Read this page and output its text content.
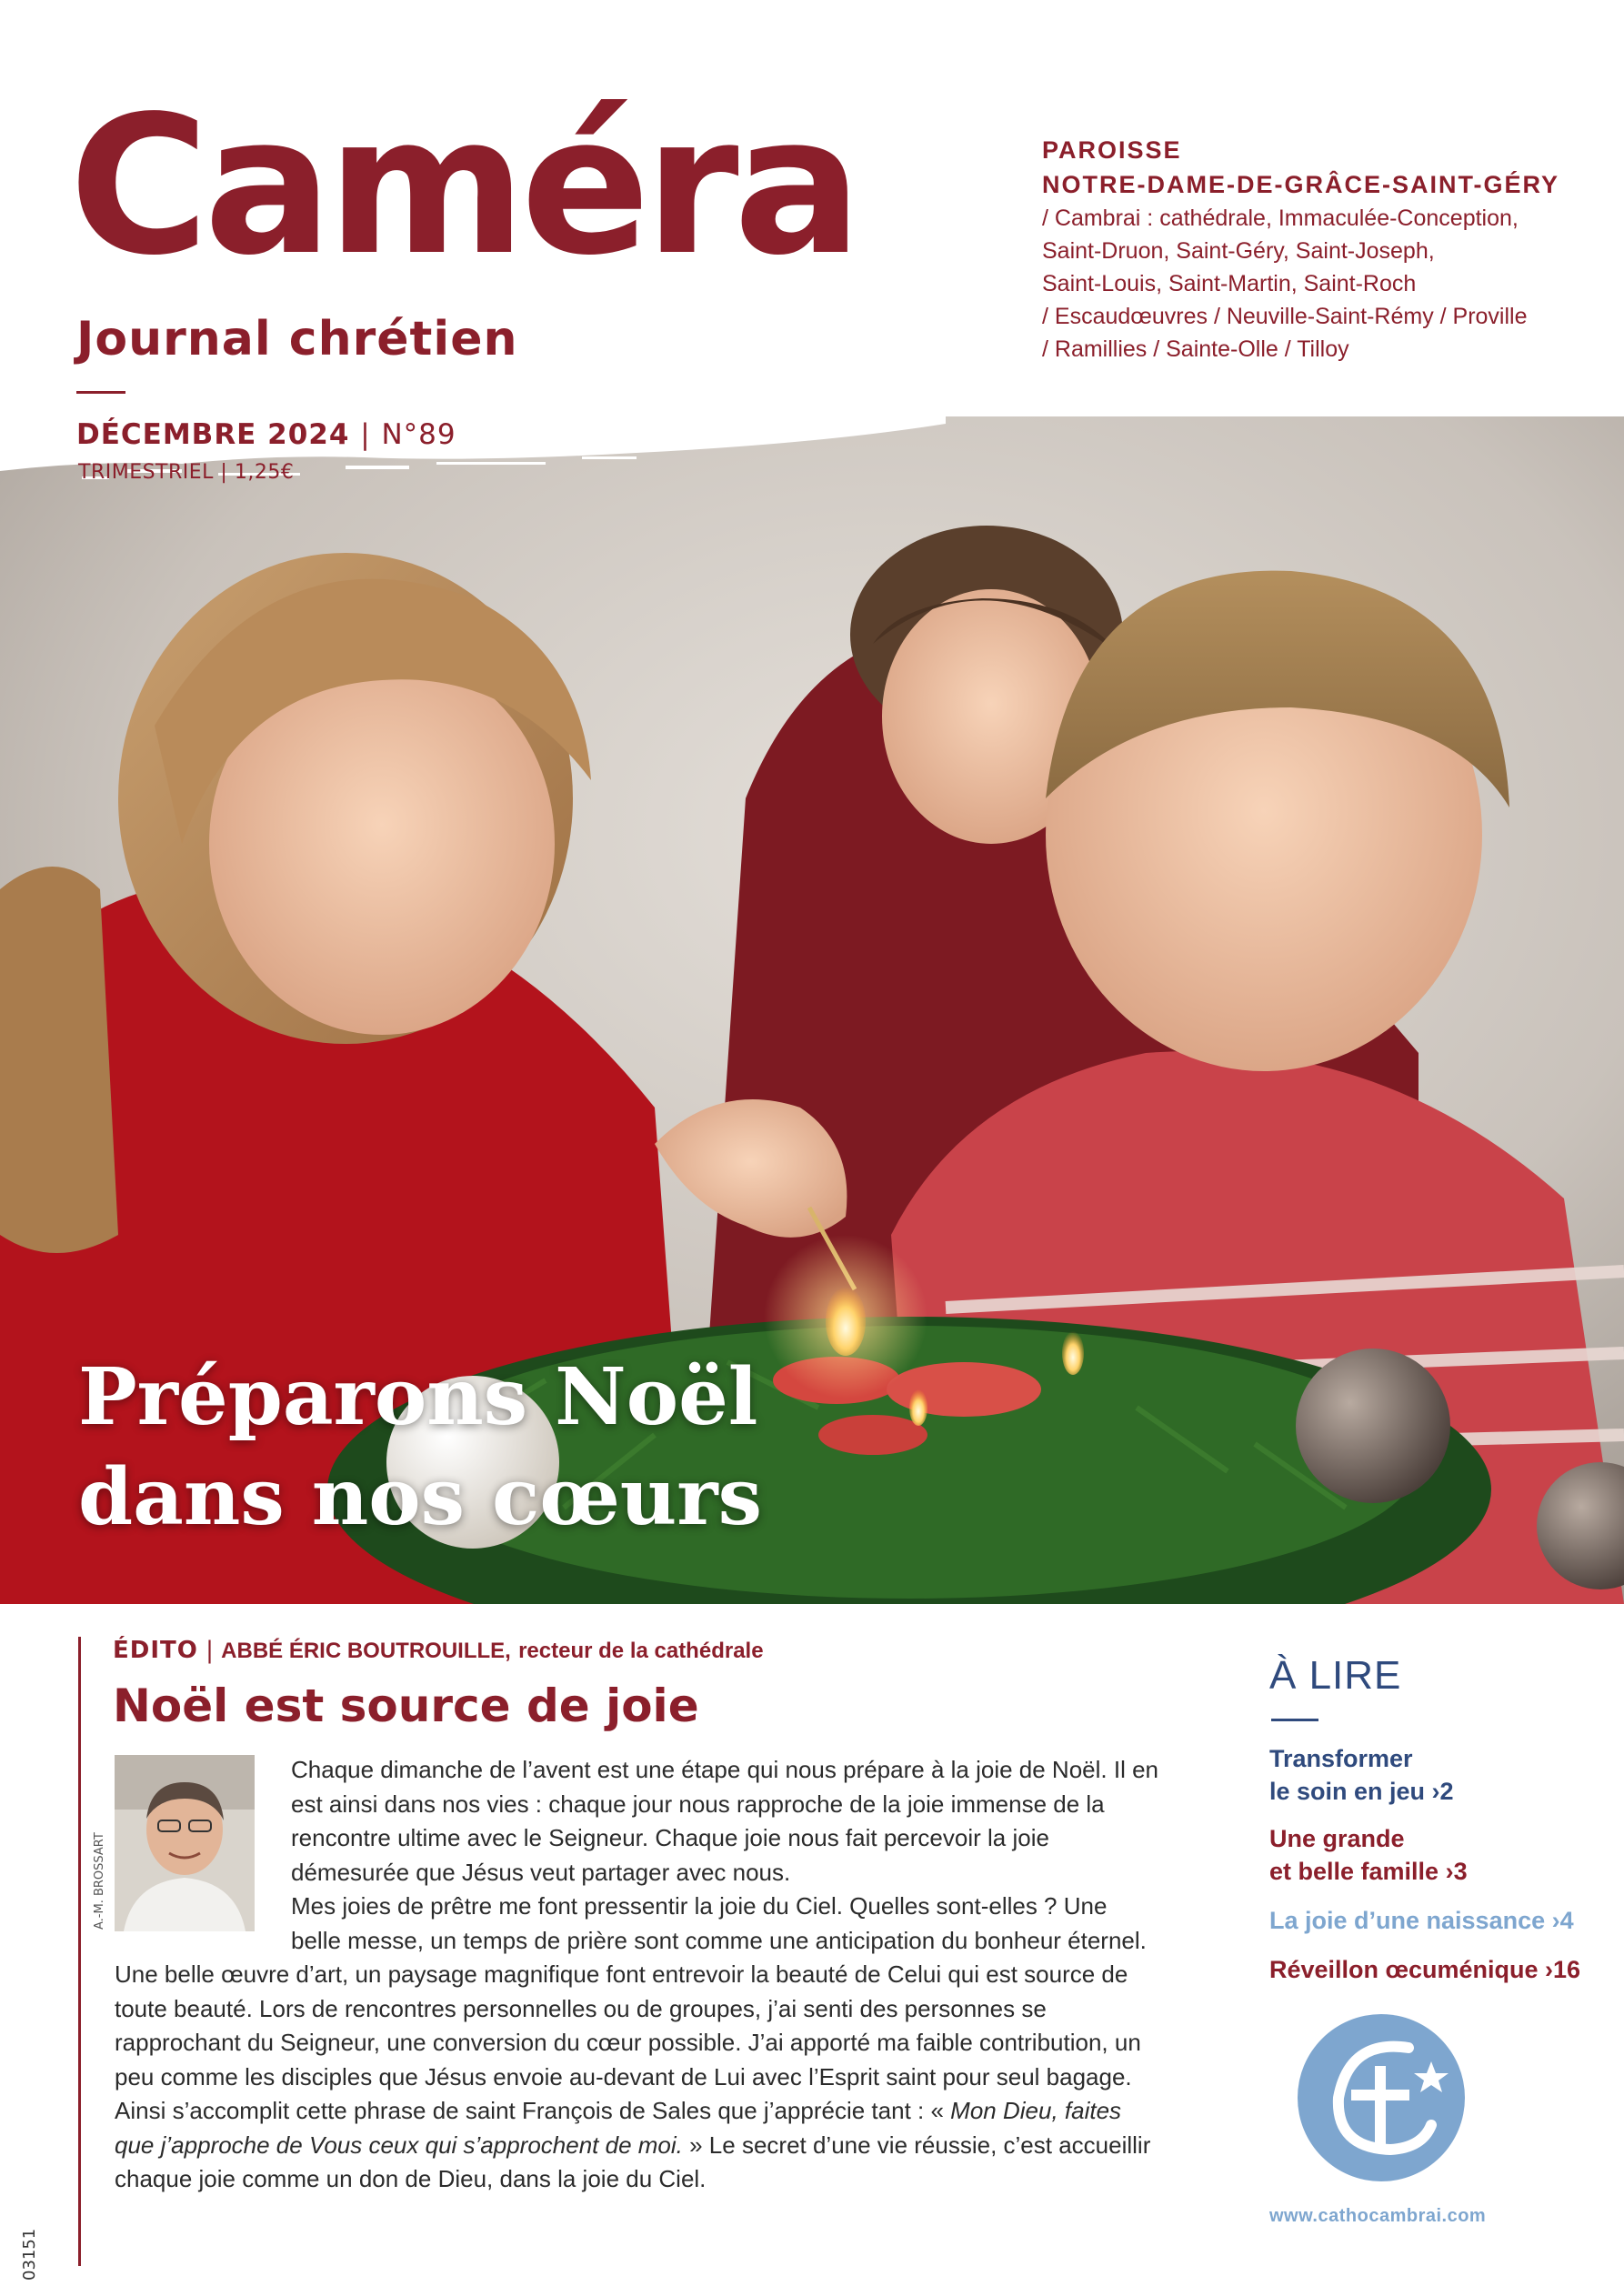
Caméra
Journal chrétien
PAROISSE
NOTRE-DAME-DE-GRÂCE-SAINT-GÉRY
/ Cambrai : cathédrale, Immaculée-Conception,
Saint-Druon, Saint-Géry, Saint-Joseph,
Saint-Louis, Saint-Martin, Saint-Roch
/ Escaudœuvres / Neuville-Saint-Rémy / Proville
/ Ramillies / Sainte-Olle / Tilloy
DÉCEMBRE 2024 | N°89
TRIMESTRIEL | 1,25€
Préparons Noël
dans nos cœurs
ÉDITO | ABBÉ ÉRIC BOUTROUILLE, recteur de la cathédrale
Noël est source de joie
A.-M. BROSSART

Chaque dimanche de l’avent est une étape qui nous prépare à la joie de Noël. Il en est ainsi dans nos vies : chaque jour nous rapproche de la joie immense de la rencontre ultime avec le Seigneur. Chaque joie nous fait percevoir la joie démesurée que Jésus veut partager avec nous.

Mes joies de prêtre me font pressentir la joie du Ciel. Quelles sont-elles ? Une belle messe, un temps de prière sont comme une anticipation du bonheur éternel. Une belle œuvre d’art, un paysage magnifique font entrevoir la beauté de Celui qui est source de toute beauté. Lors de rencontres personnelles ou de groupes, j’ai senti des personnes se rapprochant du Seigneur, une conversion du cœur possible. J’ai apporté ma faible contribution, un peu comme les disciples que Jésus envoie au-devant de Lui avec l’Esprit saint pour seul bagage. Ainsi s’accomplit cette phrase de saint François de Sales que j’apprécie tant : « Mon Dieu, faites que j’approche de Vous ceux qui s’approchent de moi. » Le secret d’une vie réussie, c’est accueillir chaque joie comme un don de Dieu, dans la joie du Ciel.

À LIRE
Transformer
le soin en jeu ›2
Une grande
et belle famille ›3
La joie d’une naissance ›4
Réveillon œcuménique ›16
www.cathocambrai.com
03151
